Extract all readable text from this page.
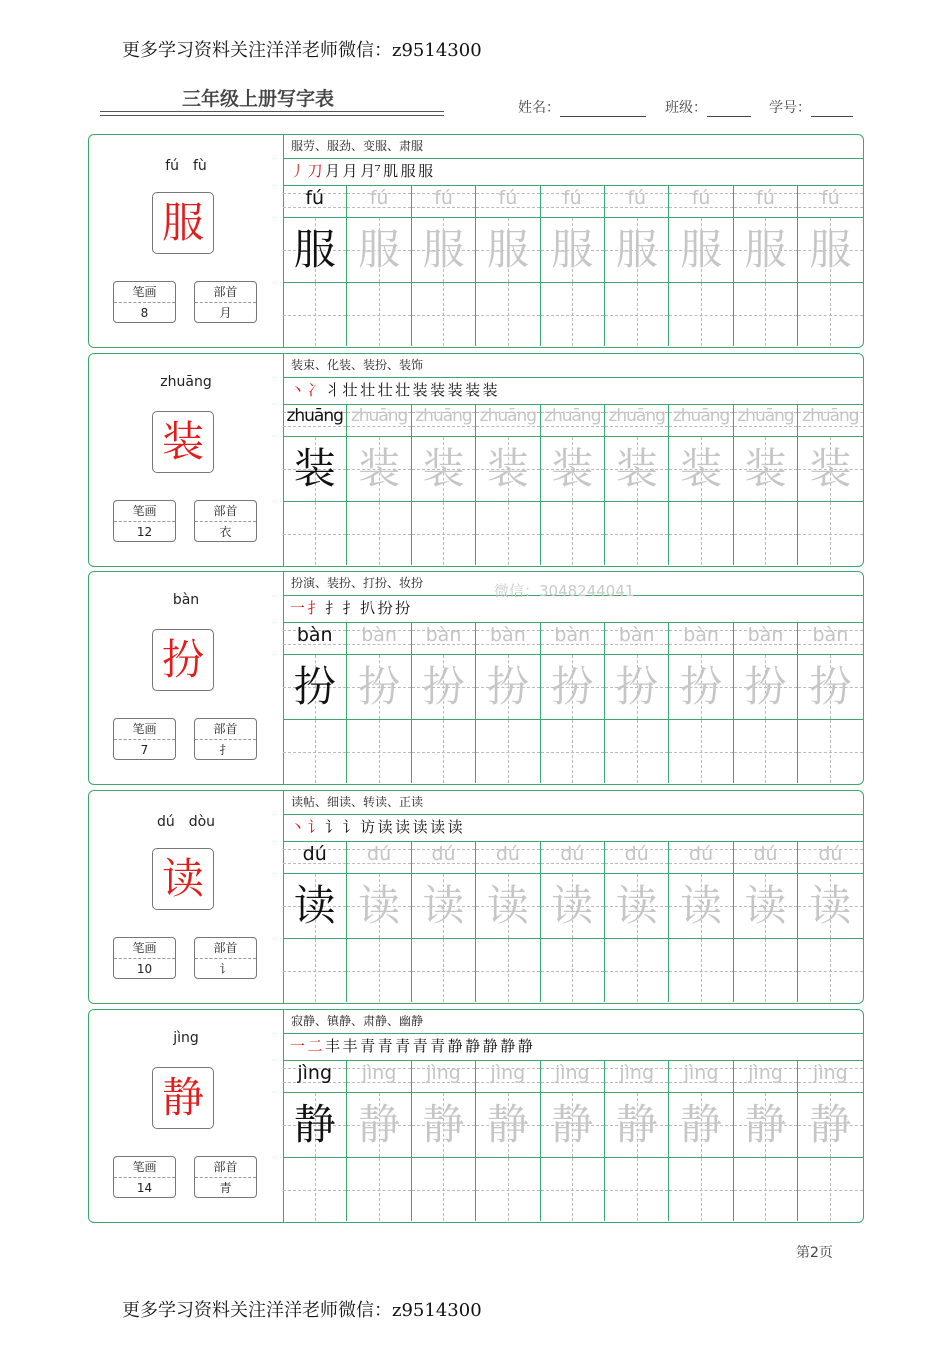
更多学习资料关注洋洋老师微信：z9514300
三年级上册写字表	姓名：	班级：	学号：
fú　fù
服
笔画
8
部首
月
服劳、服劲、变服、肃服
丿 刀 月 月 月⁷ 肌 服 服
fú	fú	fú	fú	fú	fú	fú	fú	fú
服 服 服 服 服 服 服 服 服
zhuāng
装
笔画
12
部首
衣
装束、化装、装扮、装饰
丶 冫 丬 壮 壮 壮 壮 装 装 装 装 装
zhuāng zhuāng zhuāng zhuāng zhuāng zhuāng zhuāng zhuāng zhuāng
装 装 装 装 装 装 装 装 装
bàn
扮
笔画
7
部首
扌
扮演、装扮、打扮、妆扮
一 扌 扌 扌 扒 扮 扮
bàn	bàn	bàn	bàn	bàn	bàn	bàn	bàn	bàn
扮 扮 扮 扮 扮 扮 扮 扮 扮
dú　dòu
读
笔画
10
部首
讠
读帖、细读、转读、正读
丶 讠 讠 讠 访 读 读 读 读 读
dú	dú	dú	dú	dú	dú	dú	dú	dú
读 读 读 读 读 读 读 读 读
jìng
静
笔画
14
部首
青
寂静、镇静、肃静、幽静
一 二 丰 丰 青 青 青 青 青 静 静 静 静 静
jìng	jìng	jìng	jìng	jìng	jìng	jìng	jìng	jìng
静 静 静 静 静 静 静 静 静
微信：3048244041
第2页
更多学习资料关注洋洋老师微信：z9514300
